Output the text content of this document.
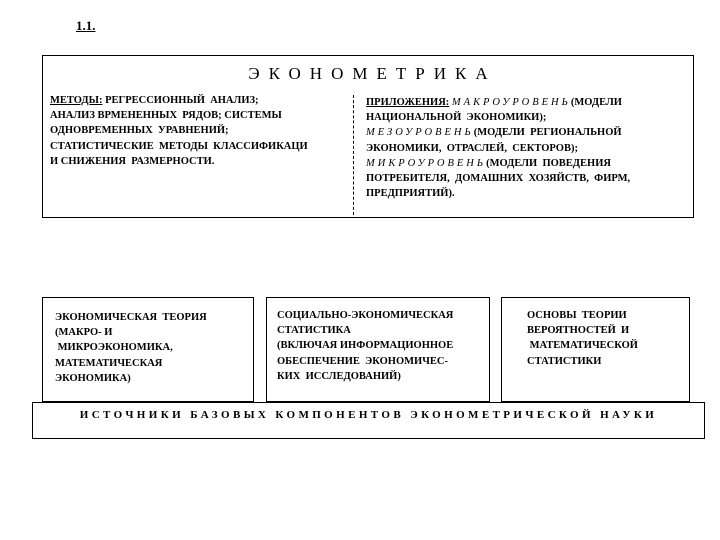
1.1.
ЭКОНОМЕТРИКА
МЕТОДЫ: РЕГРЕССИОННЫЙ  АНАЛИЗ;
АНАЛИЗ ВРМЕНЕННЫХ  РЯДОВ; СИСТЕМЫ
ОДНОВРЕМЕННЫХ  УРАВНЕНИЙ;
СТАТИСТИЧЕСКИЕ  МЕТОДЫ  КЛАССИФИКАЦИ
И СНИЖЕНИЯ  РАЗМЕРНОСТИ.
ПРИЛОЖЕНИЯ: МАКРОУРОВЕНЬ(МОДЕЛИ
НАЦИОНАЛЬНОЙ  ЭКОНОМИКИ);
МЕЗОУРОВЕНЬ(МОДЕЛИ  РЕГИОНАЛЬНОЙ
ЭКОНОМИКИ,  ОТРАСЛЕЙ,  СЕКТОРОВ);
МИКРОУРОВЕНЬ(МОДЕЛИ  ПОВЕДЕНИЯ
ПОТРЕБИТЕЛЯ,  ДОМАШНИХ  ХОЗЯЙСТВ,  ФИРМ,
ПРЕДПРИЯТИЙ).
ЭКОНОМИЧЕСКАЯ  ТЕОРИЯ
(МАКРО- И
МИКРОЭКОНОМИКА,
МАТЕМАТИЧЕСКАЯ
ЭКОНОМИКА)
СОЦИАЛЬНО-ЭКОНОМИЧЕСКАЯ
СТАТИСТИКА
(ВКЛЮЧАЯ ИНФОРМАЦИОННОЕ
ОБЕСПЕЧЕНИЕ  ЭКОНОМИЧЕС-
КИХ  ИССЛЕДОВАНИЙ)
ОСНОВЫ  ТЕОРИИ
ВЕРОЯТНОСТЕЙ  И
МАТЕМАТИЧЕСКОЙ
СТАТИСТИКИ
ИСТОЧНИКИ БАЗОВЫХ КОМПОНЕНТОВ ЭКОНОМЕТРИЧЕСКОЙ НАУКИ
